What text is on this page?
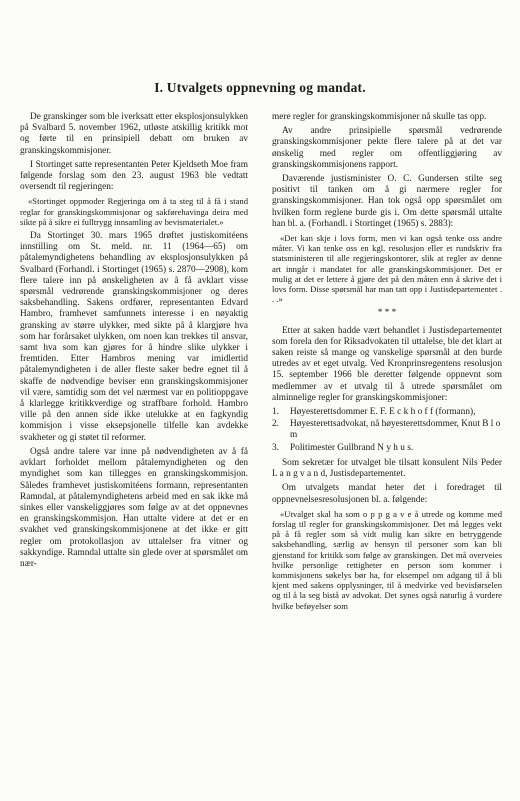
I. Utvalgets oppnevning og mandat.

De granskinger som ble iverksatt etter eksplosjonsulykken på Svalbard 5. november 1962, utløste atskillig kritikk mot og førte til en prinsipiell debatt om bruken av granskingskommisjoner.

I Stortinget satte representanten Peter Kjeldseth Moe fram følgende forslag som den 23. august 1963 ble vedtatt oversendt til regjeringen:

«Stortinget oppmoder Regjeringa om å ta steg til å få i stand reglar for granskingskommisjonar og sakførehavinga deira med sikte på å sikre ei fulltrygg innsamling av bevismaterialet.»

Da Stortinget 30. mars 1965 drøftet justiskomitéens innstilling om St. meld. nr. 11 (1964—65) om påtalemyndighetens behandling av eksplosjonsulykken på Svalbard (Forhandl. i Stortinget (1965) s. 2870—2908), kom flere talere inn på ønskeligheten av å få avklart visse spørsmål vedrørende granskingskommisjoner og deres saksbehandling. Sakens ordfører, representanten Edvard Hambro, framhevet samfunnets interesse i en nøyaktig gransking av større ulykker, med sikte på å klargjøre hva som har forårsaket ulykken, om noen kan trekkes til ansvar, samt hva som kan gjøres for å hindre slike ulykker i fremtiden. Etter Hambros mening var imidlertid påtalemyndigheten i de aller fleste saker bedre egnet til å skaffe de nødvendige beviser enn granskingskommisjoner vil være, samtidig som det vel nærmest var en politioppgave å klarlegge kritikkverdige og straffbare forhold. Hambro ville på den annen side ikke utelukke at en fagkyndig kommisjon i visse eksepsjonelle tilfelle kan avdekke svakheter og gi støtet til reformer.

Også andre talere var inne på nødvendigheten av å få avklart forholdet mellom påtalemyndigheten og den myndighet som kan tillegges en granskingskommisjon. Således framhevet justiskomitéens formann, representanten Ramndal, at påtalemyndighetens arbeid med en sak ikke må sinkes eller vanskeliggjøres som følge av at det oppnevnes en granskingskommisjon. Han uttalte videre at det er en svakhet ved granskingskommisjonene at det ikke er gitt regler om protokollasjon av uttalelser fra vitner og sakkyndige. Ramndal uttalte sin glede over at spørsmålet om nær-

mere regler for granskingskommisjoner nå skulle tas opp.

Av andre prinsipielle spørsmål vedrørende granskingskommisjoner pekte flere talere på at det var ønskelig med regler om offentliggjøring av granskingskommisjonens rapport.

Daværende justisminister O. C. Gundersen stilte seg positivt til tanken om å gi nærmere regler for granskingskommisjoner. Han tok også opp spørsmålet om hvilken form reglene burde gis i. Om dette spørsmål uttalte han bl. a. (Forhandl. i Stortinget (1965) s. 2883):

«Det kan skje i lovs form, men vi kan også tenke oss andre måter. Vi kan tenke oss en kgl. resolusjon eller et rundskriv fra statsministeren til alle regjeringskontorer, slik at regler av denne art inngår i mandatet for alle granskingskommisjoner. Det er mulig at det er lettere å gjøre det på den måten enn å skrive det i lovs form. Disse spørsmål har man tatt opp i Justisdepartementet . . .»

* * *

Etter at saken hadde vært behandlet i Justisdepartementet som forela den for Riksadvokaten til uttalelse, ble det klart at saken reiste så mange og vanskelige spørsmål at den burde utredes av et eget utvalg. Ved Kronprinsregentens resolusjon 15. september 1966 ble deretter følgende oppnevnt som medlemmer av et utvalg til å utrede spørsmålet om alminnelige regler for granskingskommisjoner:

1.	Høyesterettsdommer E. F. E c k h o f f (formann),
2.	Høyesterettsadvokat, nå høyesterettsdommer, Knut B l o m
3.	Politimester Gullbrand N y h u s.

Som sekretær for utvalget ble tilsatt konsulent Nils Peder L a n g v a n d, Justisdepartementet.

Om utvalgets mandat heter det i foredraget til oppnevnelsesresolusjonen bl. a. følgende:

«Utvalget skal ha som o p p g a v e å utrede og komme med forslag til regler for granskingskommisjoner. Det må legges vekt på å få regler som så vidt mulig kan sikre en betryggende saksbehandling, særlig av hensyn til personer som kan bli gjenstand for kritikk som følge av granskingen. Det må overveies hvilke personlige rettigheter en person som kommer i kommisjonens søkelys bør ha, for eksempel om adgang til å bli kjent med sakens opplysninger, til å medvirke ved bevisførselen og til å la seg bistå av advokat. Det synes også naturlig å vurdere hvilke beføyelser som
